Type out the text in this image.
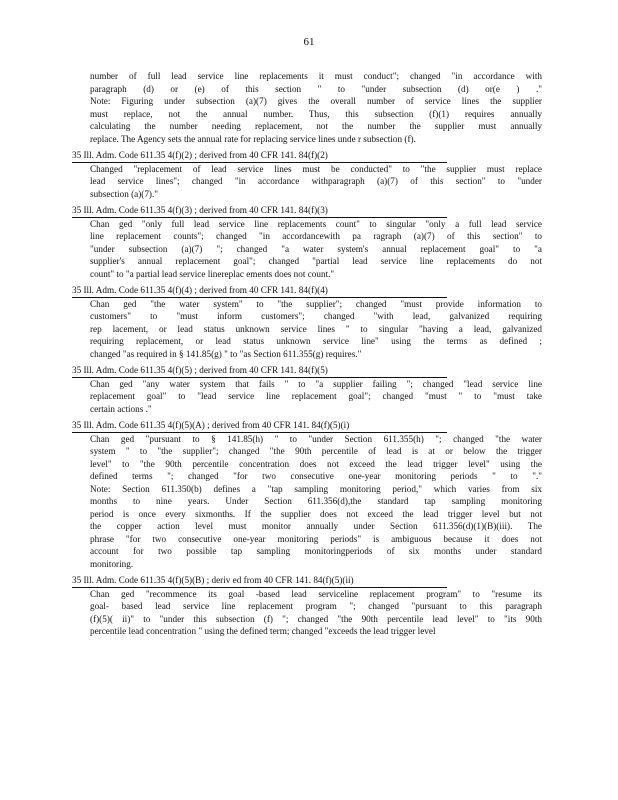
61
number of full lead service line replacements it must conduct"; changed "in accordance with
paragraph (d) or (e) of this section " to "under subsection (d) or(e ) ."
Note: Figuring under subsection (a)(7) gives the overall number of service lines the supplier
must replace, not the annual number. Thus, this subsection (f)(1) requires annually
calculating the number needing replacement, not the number the supplier must annually
replace. The Agency sets the annual rate for replacing service lines unde r subsection (f).
35 Ill. Adm. Code 611.35 4(f)(2) ; derived from 40 CFR 141. 84(f)(2)
Changed "replacement of lead service lines must be conducted" to "the supplier must replace
lead service lines"; changed "in accordance withparagraph (a)(7) of this section" to "under
subsection (a)(7)."
35 Ill. Adm. Code 611.35 4(f)(3) ; derived from 40 CFR 141. 84(f)(3)
Chan ged "only full lead service line replacements count" to singular "only a full lead service
line replacement counts"; changed "in accordancewith pa ragraph (a)(7) of this section" to
"under subsection (a)(7) "; changed "a water system's annual replacement goal" to "a
supplier's annual replacement goal"; changed "partial lead service line replacements do not
count" to "a partial lead service linereplac ements does not count."
35 Ill. Adm. Code 611.35 4(f)(4) ; derived from 40 CFR 141. 84(f)(4)
Chan ged "the water system" to "the supplier"; changed "must provide information to
customers" to "must inform customers"; changed "with lead, galvanized requiring
rep lacement, or lead status unknown service lines " to singular "having a lead, galvanized
requiring replacement, or lead status unknown service line" using the terms as defined ;
changed "as required in § 141.85(g) " to "as Section 611.355(g) requires."
35 Ill. Adm. Code 611.35 4(f)(5) ; derived from 40 CFR 141. 84(f)(5)
Chan ged "any water system that fails " to "a supplier failing "; changed "lead service line
replacement goal" to "lead service line replacement goal"; changed "must " to "must take
certain actions ."
35 Ill. Adm. Code 611.35 4(f)(5)(A) ; derived from 40 CFR 141. 84(f)(5)(i)
Chan ged "pursuant to § 141.85(h) " to "under Section 611.355(h) "; changed "the water
system " to "the supplier"; changed "the 90th percentile of lead is at or below the trigger
level" to "the 90th percentile concentration does not exceed the lead trigger level" using the
defined terms "; changed "for two consecutive one-year monitoring periods " to "."
Note: Section 611.350(b) defines a "tap sampling monitoring period," which varies from six
months to nine years. Under Section 611.356(d),the standard tap sampling monitoring
period is once every sixmonths. If the supplier does not exceed the lead trigger level but not
the copper action level must monitor annually under Section 611.356(d)(1)(B)(iii). The
phrase "for two consecutive one-year monitoring periods" is ambiguous because it does not
account for two possible tap sampling monitoringperiods of six months under standard
monitoring.
35 Ill. Adm. Code 611.35 4(f)(5)(B) ; deriv ed from 40 CFR 141. 84(f)(5)(ii)
Chan ged "recommence its goal -based lead serviceline replacement program" to "resume its
goal- based lead service line replacement program "; changed "pursuant to this paragraph
(f)(5)( ii)" to "under this subsection (f) "; changed "the 90th percentile lead level" to "its 90th
percentile lead concentration " using the defined term; changed "exceeds the lead trigger level
